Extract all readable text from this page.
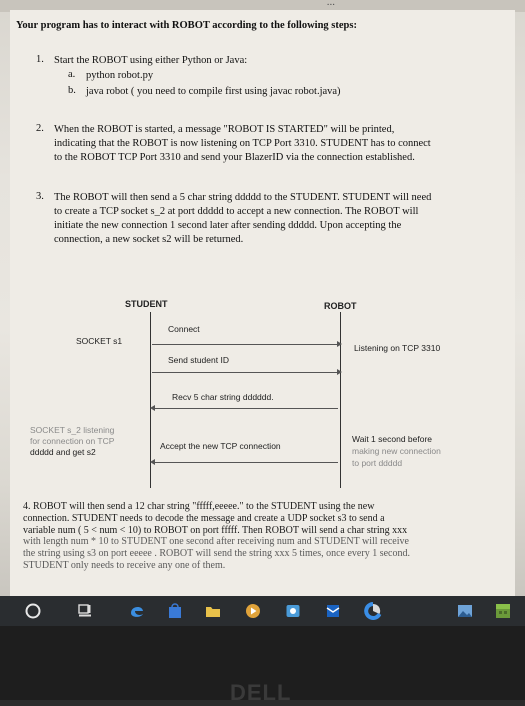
...

Your program has to interact with ROBOT according to the following steps:

1. Start the ROBOT using either Python or Java:

a. python robot.py

b. java robot ( you need to compile first using javac robot.java)

2. When the ROBOT is started, a message "ROBOT IS STARTED" will be printed,

indicating that the ROBOT is now listening on TCP Port 3310. STUDENT has to connect

to the ROBOT TCP Port 3310 and send your BlazerID via the connection established.

3. The ROBOT will then send a 5 char string ddddd to the STUDENT. STUDENT will need

to create a TCP socket s_2 at port ddddd to accept a new connection. The ROBOT will

initiate the new connection 1 second later after sending ddddd. Upon accepting the

connection, a new socket s2 will be returned.

STUDENT	ROBOT
SOCKET s1
Listening on TCP 3310
Connect
Send student ID
Recv 5 char string dddddd.
SOCKET s_2 listening
for connection on TCP
ddddd and get s2
Accept the new TCP connection
Wait 1 second before
making new connection
to port ddddd
4. ROBOT will then send a 12 char string "fffff,eeeee." to the STUDENT using the new
connection. STUDENT needs to decode the message and create a UDP socket s3 to send a
variable num ( 5 < num < 10) to ROBOT on port fffff. Then ROBOT will send a char string xxx
with length num * 10 to STUDENT one second after receiving num and STUDENT will receive
the string using s3 on port eeeee . ROBOT will send the string xxx 5 times, once every 1 second.
STUDENT only needs to receive any one of them.
DELL
